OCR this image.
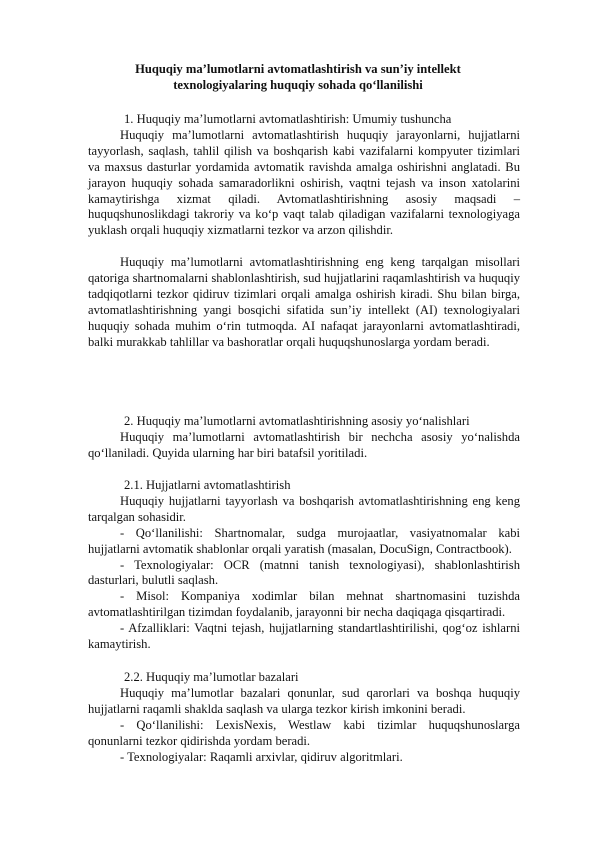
Huquqiy ma’lumotlarni avtomatlashtirish va sun’iy intellekt
texnologiyalaring huquqiy sohada qo‘llanilishi

1. Huquqiy ma’lumotlarni avtomatlashtirish: Umumiy tushuncha

Huquqiy ma’lumotlarni avtomatlashtirish huquqiy jarayonlarni, hujjatlarni tayyorlash, saqlash, tahlil qilish va boshqarish kabi vazifalarni kompyuter tizimlari va maxsus dasturlar yordamida avtomatik ravishda amalga oshirishni anglatadi. Bu jarayon huquqiy sohada samaradorlikni oshirish, vaqtni tejash va inson xatolarini kamaytirishga xizmat qiladi. Avtomatlashtirishning asosiy maqsadi – huquqshunoslikdagi takroriy va ko‘p vaqt talab qiladigan vazifalarni texnologiyaga yuklash orqali huquqiy xizmatlarni tezkor va arzon qilishdir.

Huquqiy ma’lumotlarni avtomatlashtirishning eng keng tarqalgan misollari qatoriga shartnomalarni shablonlashtirish, sud hujjatlarini raqamlashtirish va huquqiy tadqiqotlarni tezkor qidiruv tizimlari orqali amalga oshirish kiradi. Shu bilan birga, avtomatlashtirishning yangi bosqichi sifatida sun’iy intellekt (AI) texnologiyalari huquqiy sohada muhim o‘rin tutmoqda. AI nafaqat jarayonlarni avtomatlashtiradi, balki murakkab tahlillar va bashoratlar orqali huquqshunoslarga yordam beradi.

2. Huquqiy ma’lumotlarni avtomatlashtirishning asosiy yo‘nalishlari

Huquqiy ma’lumotlarni avtomatlashtirish bir nechcha asosiy yo‘nalishda qo‘llaniladi. Quyida ularning har biri batafsil yoritiladi.

2.1. Hujjatlarni avtomatlashtirish

Huquqiy hujjatlarni tayyorlash va boshqarish avtomatlashtirishning eng keng tarqalgan sohasidir.

- Qo‘llanilishi: Shartnomalar, sudga murojaatlar, vasiyatnomalar kabi hujjatlarni avtomatik shablonlar orqali yaratish (masalan, DocuSign, Contractbook).

- Texnologiyalar: OCR (matnni tanish texnologiyasi), shablonlashtirish dasturlari, bulutli saqlash.

- Misol: Kompaniya xodimlar bilan mehnat shartnomasini tuzishda avtomatlashtirilgan tizimdan foydalanib, jarayonni bir necha daqiqaga qisqartiradi.

- Afzalliklari: Vaqtni tejash, hujjatlarning standartlashtirilishi, qog‘oz ishlarni kamaytirish.

2.2. Huquqiy ma’lumotlar bazalari

Huquqiy ma’lumotlar bazalari qonunlar, sud qarorlari va boshqa huquqiy hujjatlarni raqamli shaklda saqlash va ularga tezkor kirish imkonini beradi.

- Qo‘llanilishi: LexisNexis, Westlaw kabi tizimlar huquqshunoslarga qonunlarni tezkor qidirishda yordam beradi.

- Texnologiyalar: Raqamli arxivlar, qidiruv algoritmlari.
